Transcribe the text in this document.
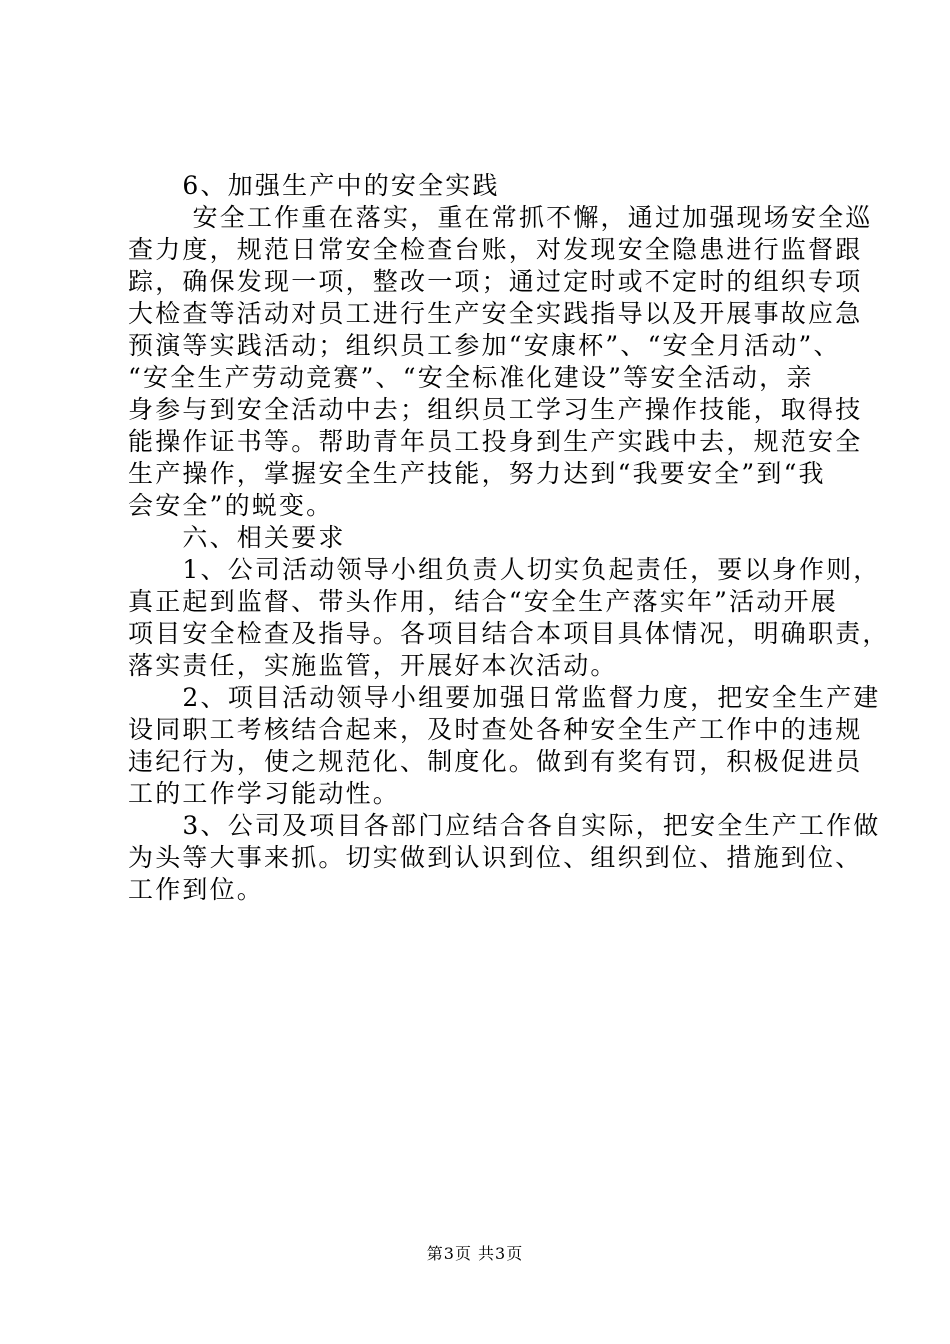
　　6、加强生产中的安全实践
　　 安全工作重在落实，重在常抓不懈，通过加强现场安全巡
查力度，规范日常安全检查台账，对发现安全隐患进行监督跟
踪，确保发现一项，整改一项；通过定时或不定时的组织专项
大检查等活动对员工进行生产安全实践指导以及开展事故应急
预演等实践活动；组织员工参加“安康杯”、“安全月活动”、
“安全生产劳动竞赛”、“安全标准化建设”等安全活动，亲
身参与到安全活动中去；组织员工学习生产操作技能，取得技
能操作证书等。帮助青年员工投身到生产实践中去，规范安全
生产操作，掌握安全生产技能，努力达到“我要安全”到“我
会安全”的蜕变。
　　六、相关要求
　　1、公司活动领导小组负责人切实负起责任，要以身作则，
真正起到监督、带头作用，结合“安全生产落实年”活动开展
项目安全检查及指导。各项目结合本项目具体情况，明确职责，
落实责任，实施监管，开展好本次活动。
　　2、项目活动领导小组要加强日常监督力度，把安全生产建
设同职工考核结合起来，及时查处各种安全生产工作中的违规
违纪行为，使之规范化、制度化。做到有奖有罚，积极促进员
工的工作学习能动性。
　　3、公司及项目各部门应结合各自实际，把安全生产工作做
为头等大事来抓。切实做到认识到位、组织到位、措施到位、
工作到位。
第3页 共3页
